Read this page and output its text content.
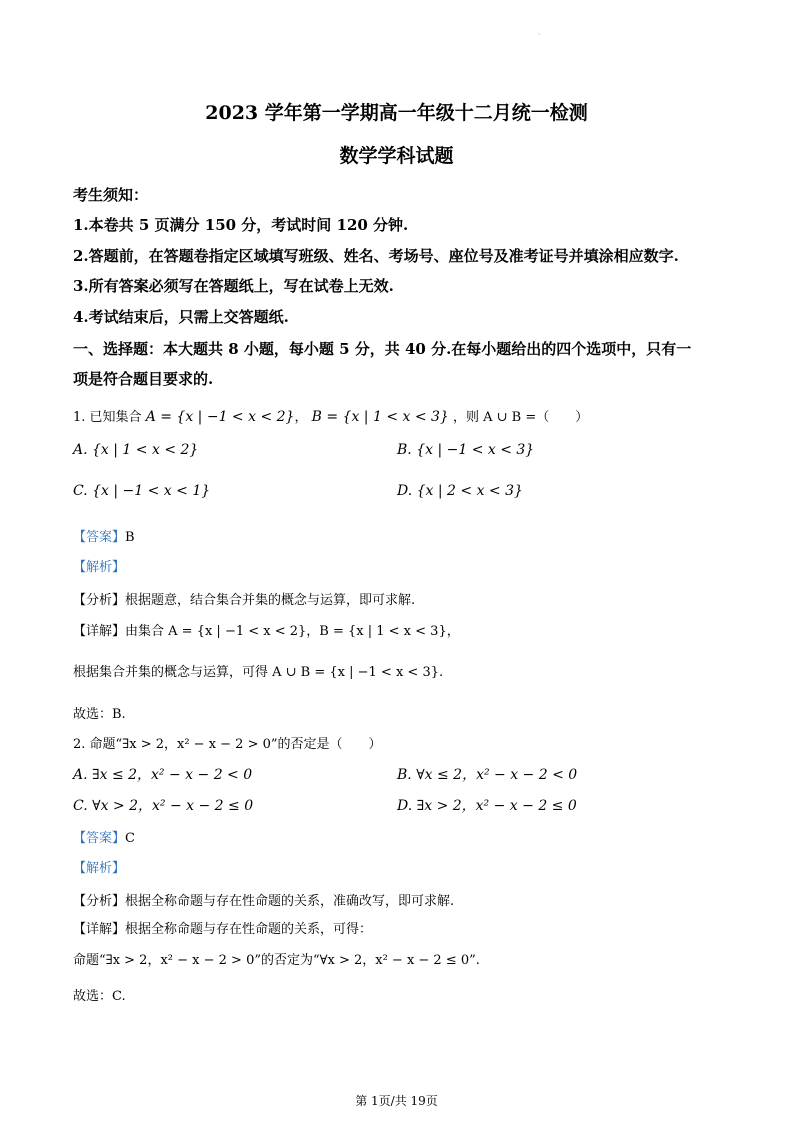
·
2023 学年第一学期高一年级十二月统一检测
数学学科试题
考生须知：
1.本卷共 5 页满分 150 分，考试时间 120 分钟.
2.答题前，在答题卷指定区域填写班级、姓名、考场号、座位号及准考证号并填涂相应数字.
3.所有答案必须写在答题纸上，写在试卷上无效.
4.考试结束后，只需上交答题纸.
一、选择题：本大题共 8 小题，每小题 5 分，共 40 分.在每小题给出的四个选项中，只有一
项是符合题目要求的.
1. 已知集合 A = {x | −1 < x < 2}， B = {x | 1 < x < 3} ，则 A ∪ B =（　　）
A. {x | 1 < x < 2}	B. {x | −1 < x < 3}
C. {x | −1 < x < 1}	D. {x | 2 < x < 3}
【答案】B
【解析】
【分析】根据题意，结合集合并集的概念与运算，即可求解.
【详解】由集合 A = {x | −1 < x < 2}，B = {x | 1 < x < 3}，
根据集合并集的概念与运算，可得 A ∪ B = {x | −1 < x < 3}.
故选：B.
2. 命题“∃x > 2，x² − x − 2 > 0”的否定是（　　）
A. ∃x ≤ 2，x² − x − 2 < 0	B. ∀x ≤ 2，x² − x − 2 < 0
C. ∀x > 2，x² − x − 2 ≤ 0	D. ∃x > 2，x² − x − 2 ≤ 0
【答案】C
【解析】
【分析】根据全称命题与存在性命题的关系，准确改写，即可求解.
【详解】根据全称命题与存在性命题的关系，可得：
命题“∃x > 2，x² − x − 2 > 0”的否定为“∀x > 2，x² − x − 2 ≤ 0”.
故选：C.
第 1页/共 19页
